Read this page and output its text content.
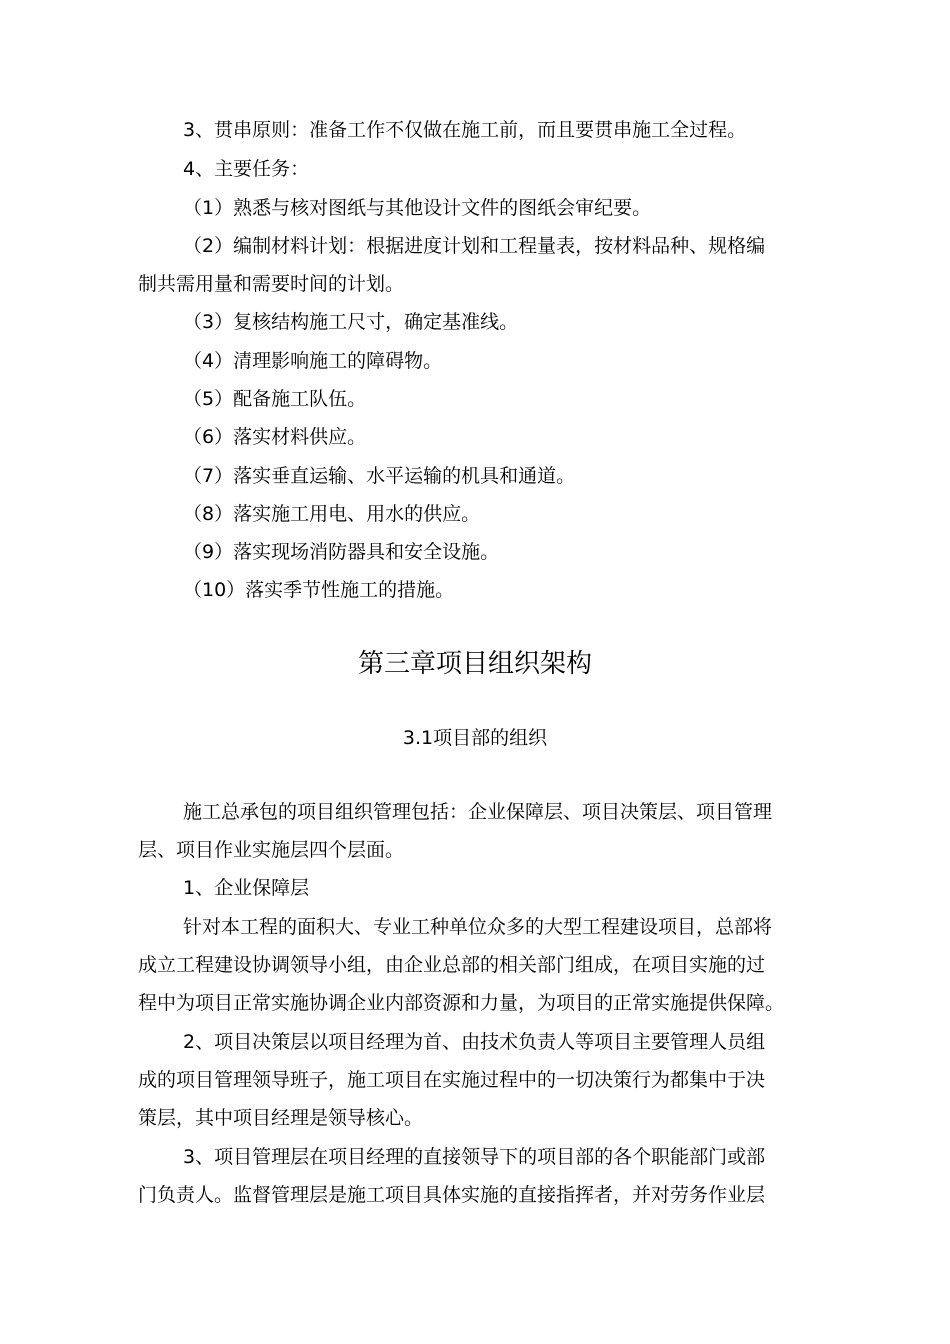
3、贯串原则：准备工作不仅做在施工前，而且要贯串施工全过程。

4、主要任务：

（1）熟悉与核对图纸与其他设计文件的图纸会审纪要。

（2）编制材料计划：根据进度计划和工程量表，按材料品种、规格编

制共需用量和需要时间的计划。

（3）复核结构施工尺寸，确定基准线。

（4）清理影响施工的障碍物。

（5）配备施工队伍。

（6）落实材料供应。

（7）落实垂直运输、水平运输的机具和通道。

（8）落实施工用电、用水的供应。

（9）落实现场消防器具和安全设施。

（10）落实季节性施工的措施。

第三章项目组织架构
3.1项目部的组织

施工总承包的项目组织管理包括：企业保障层、项目决策层、项目管理

层、项目作业实施层四个层面。

1、企业保障层

针对本工程的面积大、专业工种单位众多的大型工程建设项目，总部将

成立工程建设协调领导小组，由企业总部的相关部门组成，在项目实施的过

程中为项目正常实施协调企业内部资源和力量，为项目的正常实施提供保障。

2、项目决策层以项目经理为首、由技术负责人等项目主要管理人员组

成的项目管理领导班子，施工项目在实施过程中的一切决策行为都集中于决

策层，其中项目经理是领导核心。

3、项目管理层在项目经理的直接领导下的项目部的各个职能部门或部

门负责人。监督管理层是施工项目具体实施的直接指挥者，并对劳务作业层
